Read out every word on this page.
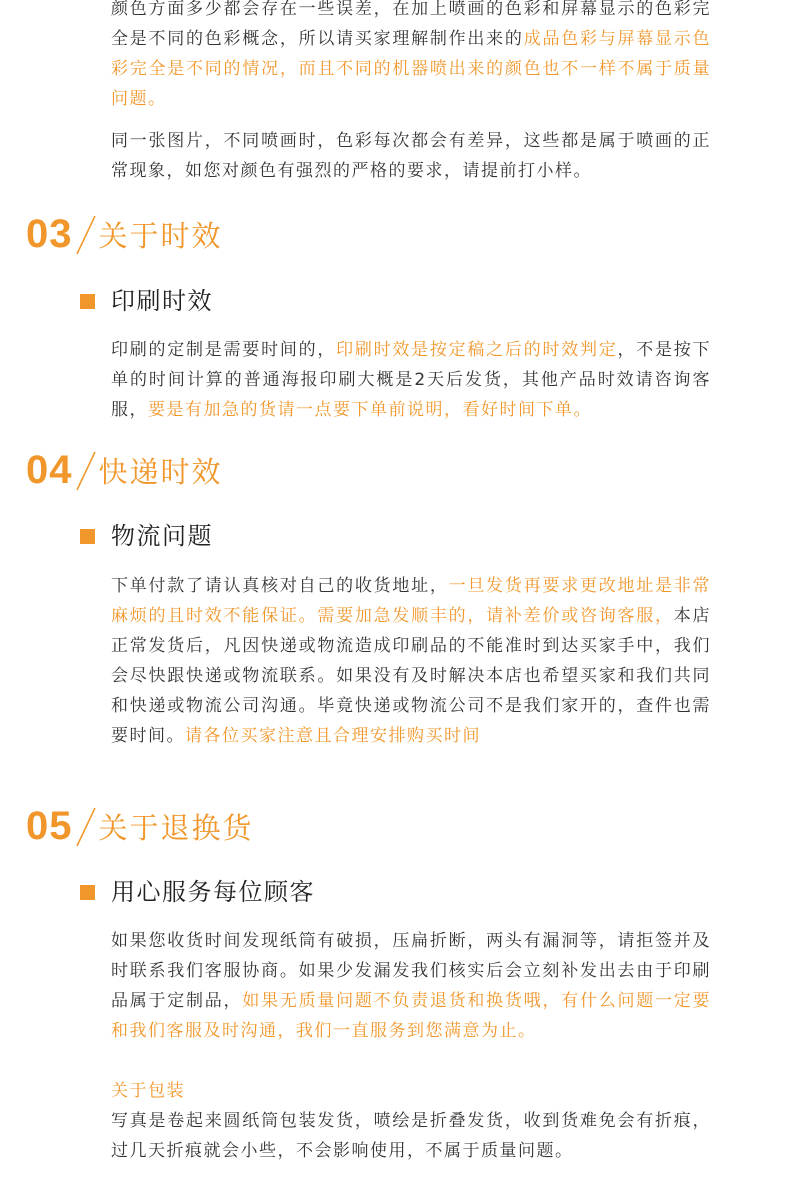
颜色方面多少都会存在一些误差，在加上喷画的色彩和屏幕显示的色彩完全是不同的色彩概念，所以请买家理解制作出来的成品色彩与屏幕显示色彩完全是不同的情况，而且不同的机器喷出来的颜色也不一样不属于质量问题。

同一张图片，不同喷画时，色彩每次都会有差异，这些都是属于喷画的正常现象，如您对颜色有强烈的严格的要求，请提前打小样。

03 关于时效
印刷时效

印刷的定制是需要时间的，印刷时效是按定稿之后的时效判定，不是按下单的时间计算的普通海报印刷大概是2天后发货，其他产品时效请咨询客服，要是有加急的货请一点要下单前说明，看好时间下单。

04 快递时效
物流问题

下单付款了请认真核对自己的收货地址，一旦发货再要求更改地址是非常麻烦的且时效不能保证。需要加急发顺丰的，请补差价或咨询客服，本店正常发货后，凡因快递或物流造成印刷品的不能准时到达买家手中，我们会尽快跟快递或物流联系。如果没有及时解决本店也希望买家和我们共同和快递或物流公司沟通。毕竟快递或物流公司不是我们家开的，查件也需要时间。请各位买家注意且合理安排购买时间

05 关于退换货
用心服务每位顾客

如果您收货时间发现纸筒有破损，压扁折断，两头有漏洞等，请拒签并及时联系我们客服协商。如果少发漏发我们核实后会立刻补发出去由于印刷品属于定制品，如果无质量问题不负责退货和换货哦，有什么问题一定要和我们客服及时沟通，我们一直服务到您满意为止。

关于包装

写真是卷起来圆纸筒包装发货，喷绘是折叠发货，收到货难免会有折痕，过几天折痕就会小些，不会影响使用，不属于质量问题。
